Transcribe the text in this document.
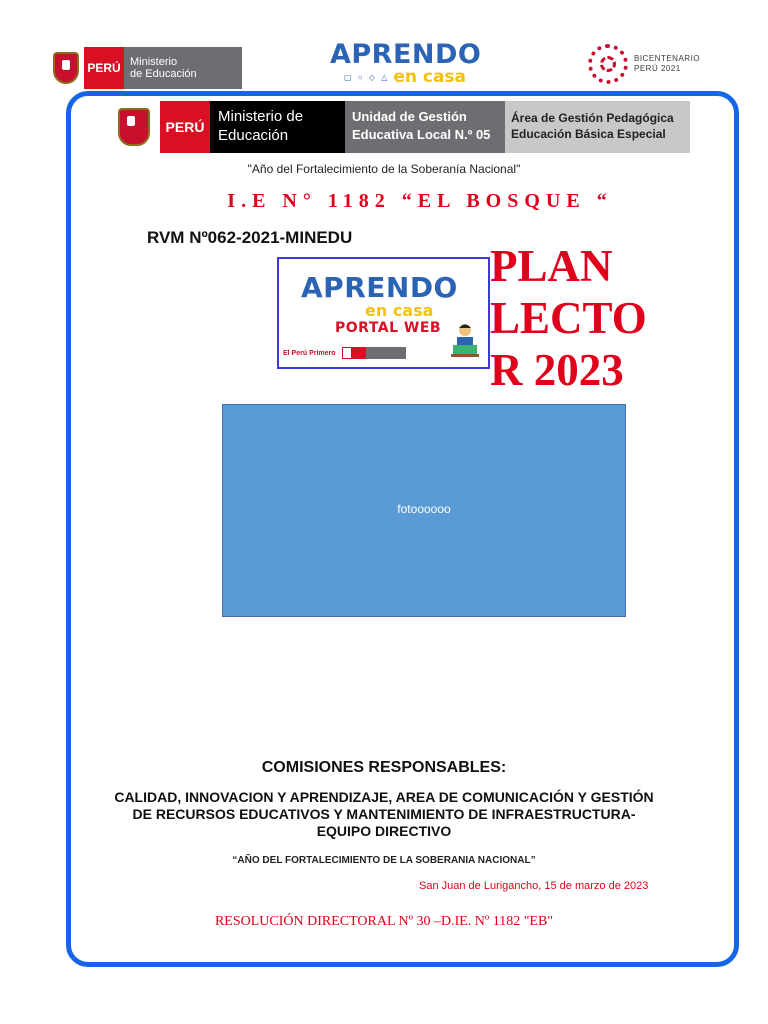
PERÚ Ministerio
de Educación
APRENDO
▢ ○ ◇ △ en casa
BICENTENARIO
PERÚ 2021
PERÚ
Ministerio de Educación
Unidad de Gestión Educativa Local N.º 05
Área de Gestión Pedagógica Educación Básica Especial
"Año del Fortalecimiento de la Soberanía Nacional"
I.E N° 1182 “EL BOSQUE “
RVM Nº062-2021-MINEDU
APRENDO
en casa
PORTAL WEB
El Perú Primero
PLAN
LECTO
R 2023
fotoooooo
COMISIONES RESPONSABLES:
CALIDAD, INNOVACION Y APRENDIZAJE, AREA DE COMUNICACIÓN Y GESTIÓN DE RECURSOS EDUCATIVOS Y MANTENIMIENTO DE INFRAESTRUCTURA-EQUIPO DIRECTIVO
“AÑO DEL FORTALECIMIENTO DE LA SOBERANIA NACIONAL”
San Juan de Lurigancho, 15 de marzo de 2023
RESOLUCIÓN DIRECTORAL Nº 30 –D.IE. Nº 1182 "EB"
